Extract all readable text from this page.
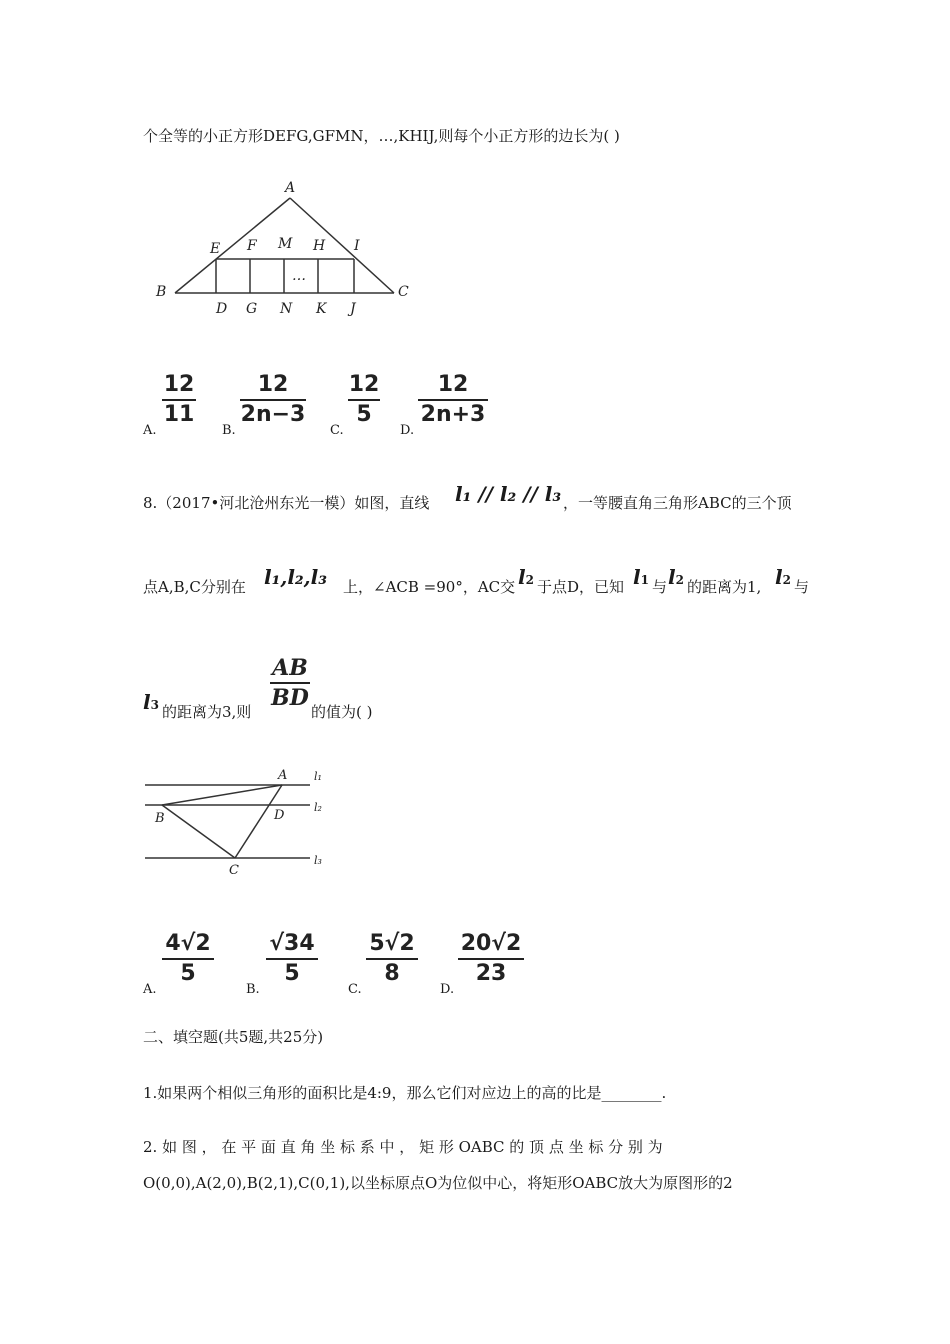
个全等的小正方形DEFG,GFMN，…,KHIJ,则每个小正方形的边长为( )
A
B	C
D
E F
G
H I
J
K
M
N
…
A.
12
11
B.
12
2n−3
C.
12
5
D.
12
2n+3
8.（2017•河北沧州东光一模）如图，直线 l₁ // l₂ // l₃ ，一等腰直角三角形ABC的三个顶
点A,B,C分别在 l₁,l₂,l₃ 上，∠ACB =90°，AC交 l2 于点D，已知 l1 与 l2 的距离为1, l2 与
l3 的距离为3,则
AB
BD
的值为( )
A
B
C
D
l₁
l₂
l₃
A.
4√2
5
B.
√34
5
C.
5√2
8
D.
20√2
23
二、填空题(共5题,共25分)
1.如果两个相似三角形的面积比是4:9，那么它们对应边上的高的比是________.
2. 如 图 ， 在 平 面 直 角 坐 标 系 中 ， 矩 形 OABC 的 顶 点 坐 标 分 别 为
O(0,0),A(2,0),B(2,1),C(0,1),以坐标原点O为位似中心，将矩形OABC放大为原图形的2
